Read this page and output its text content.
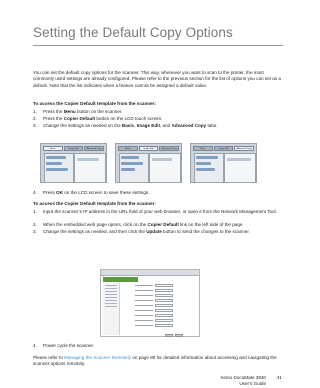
Setting the Default Copy Options
You can set the default copy options for the scanner. This way, whenever you want to scan to the printer, the most commonly used settings are already configured. Please refer to the previous section for the list of options you can set as a default. Note that the list indicates when a feature cannot be assigned a default value.
To access the Copier Default template from the scanner:
1. Press the Menu button on the scanner.
2. Press the Copier Default button on the LCD touch screen.
3. Change the settings as needed on the Basic, Image Edit, and Advanced Copy tabs.
Basic	Image Edit	Advanced Copy	Basic	Image Edit	Advanced Copy	Basic	Image Edit	Advanced Copy
4. Press OK on the LCD screen to save these settings.
To access the Copier Default template from the scanner:
1. Input the scanner’s IP address in the URL field of your web browser, or open it from the Network Management Tool.
2. When the embedded web page opens, click on the Copier Default link on the left side of the page.
3. Change the settings as needed, and then click the Update button to send the changes to the scanner.
4. Power cycle the scanner.
Please refer to Managing the Scanner Remotely on page 89 for detailed information about accessing and navigating the scanner options remotely.
Xerox DocuMate 3920 41
User’s Guide
